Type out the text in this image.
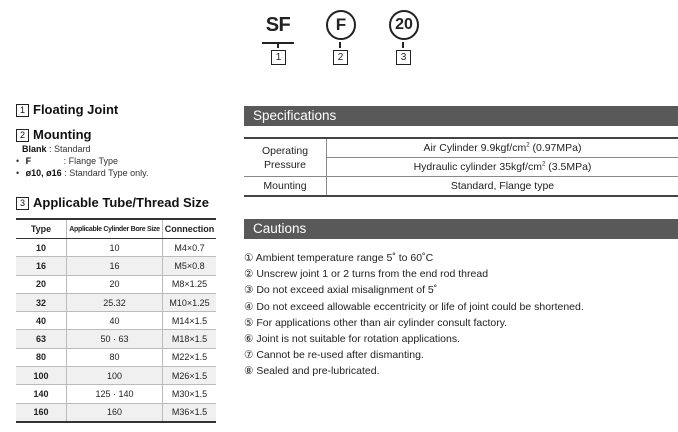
SF	F	20
1	2	3
1 Floating Joint
2 Mounting
Blank : Standard
• F	: Flange Type
• ø10, ø16 : Standard Type only.
3 Applicable Tube/Thread Size
Type	Applicable Cylinder Bore Size	Connection
10	10	M4×0.7
16	16	M5×0.8
20	20	M8×1.25
32	25.32	M10×1.25
40	40	M14×1.5
63	50 · 63	M18×1.5
80	80	M22×1.5
100	100	M26×1.5
140	125 · 140	M30×1.5
160	160	M36×1.5
Specifications
Operating
Pressure	Air Cylinder $9.9kgf/cm^2$ (0.97MPa)
	Hydraulic cylinder $35kgf/cm^2$ (3.5MPa)
Mounting	Standard, Flange type
Cautions
① Ambient temperature range 5˚ to 60˚C
② Unscrew joint 1 or 2 turns from the end rod thread
③ Do not exceed axial misalignment of 5˚
④ Do not exceed allowable eccentricity or life of joint could be shortened.
⑤ For applications other than air cylinder consult factory.
⑥ Joint is not suitable for rotation applications.
⑦ Cannot be re-used after dismanting.
⑧ Sealed and pre-lubricated.
